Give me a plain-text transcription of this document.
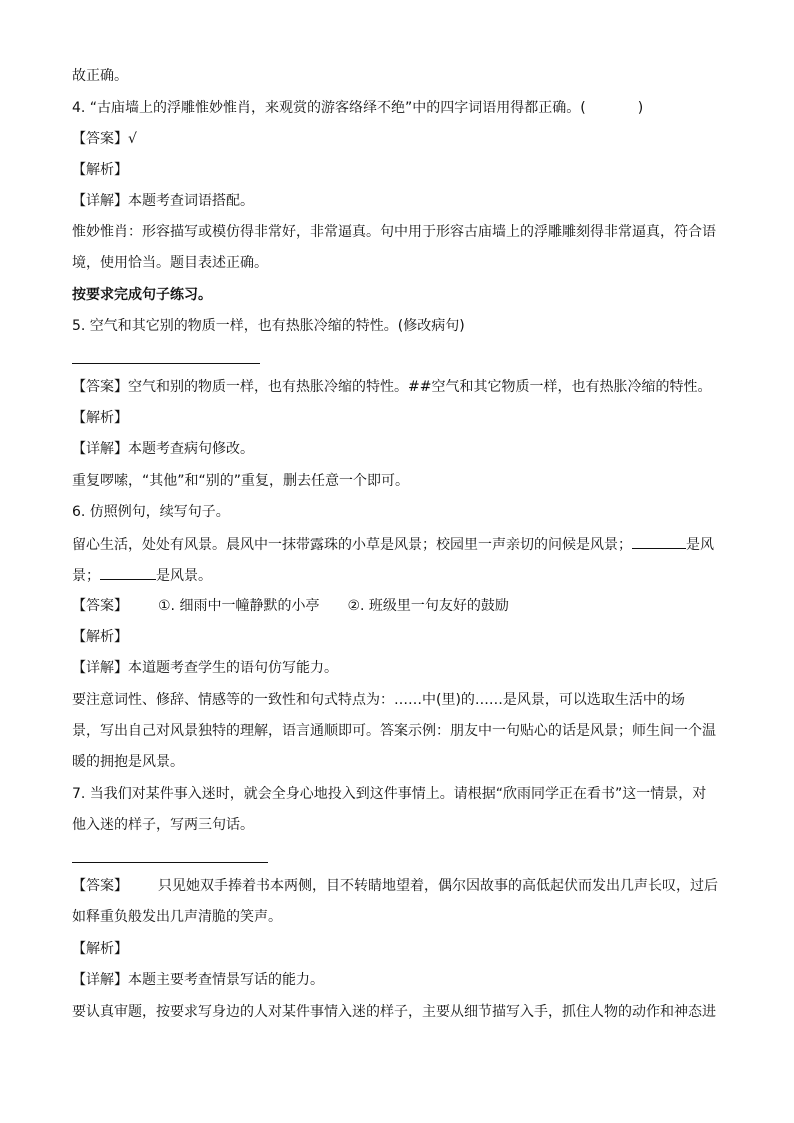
故正确。
4. “古庙墙上的浮雕惟妙惟肖，来观赏的游客络绎不绝”中的四字词语用得都正确。(	)
【答案】√
【解析】
【详解】本题考查词语搭配。
惟妙惟肖：形容描写或模仿得非常好，非常逼真。句中用于形容古庙墙上的浮雕雕刻得非常逼真，符合语
境，使用恰当。题目表述正确。
按要求完成句子练习。
5. 空气和其它别的物质一样，也有热胀冷缩的特性。(修改病句)
【答案】空气和别的物质一样，也有热胀冷缩的特性。##空气和其它物质一样，也有热胀冷缩的特性。
【解析】
【详解】本题考查病句修改。
重复啰嗦，“其他”和“别的”重复，删去任意一个即可。
6. 仿照例句，续写句子。
留心生活，处处有风景。晨风中一抹带露珠的小草是风景；校园里一声亲切的问候是风景；	是风
景；	是风景。
【答案】 ①. 细雨中一幢静默的小亭 ②. 班级里一句友好的鼓励
【解析】
【详解】本道题考查学生的语句仿写能力。
要注意词性、修辞、情感等的一致性和句式特点为：……中(里)的……是风景，可以选取生活中的场
景，写出自己对风景独特的理解，语言通顺即可。答案示例：朋友中一句贴心的话是风景；师生间一个温
暖的拥抱是风景。
7. 当我们对某件事入迷时，就会全身心地投入到这件事情上。请根据“欣雨同学正在看书”这一情景，对
他入迷的样子，写两三句话。
【答案】 只见她双手捧着书本两侧，目不转睛地望着，偶尔因故事的高低起伏而发出几声长叹，过后
如释重负般发出几声清脆的笑声。
【解析】
【详解】本题主要考查情景写话的能力。
要认真审题，按要求写身边的人对某件事情入迷的样子，主要从细节描写入手，抓住人物的动作和神态进
